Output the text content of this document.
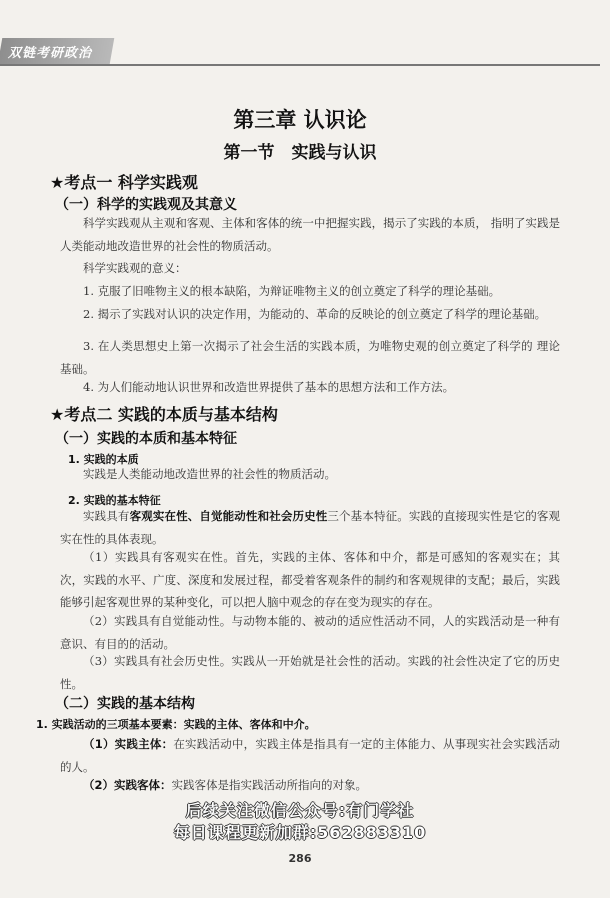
双链考研政治
第三章 认识论
第一节　实践与认识
★考点一 科学实践观
（一）科学的实践观及其意义
科学实践观从主观和客观、主体和客体的统一中把握实践，揭示了实践的本质， 指明了实践是人类能动地改造世界的社会性的物质活动。
科学实践观的意义：
1. 克服了旧唯物主义的根本缺陷，为辩证唯物主义的创立奠定了科学的理论基础。
2. 揭示了实践对认识的决定作用，为能动的、革命的反映论的创立奠定了科学的理论基础。
3. 在人类思想史上第一次揭示了社会生活的实践本质，为唯物史观的创立奠定了科学的 理论基础。
4. 为人们能动地认识世界和改造世界提供了基本的思想方法和工作方法。
★考点二 实践的本质与基本结构
（一）实践的本质和基本特征
1. 实践的本质
实践是人类能动地改造世界的社会性的物质活动。
2. 实践的基本特征
实践具有客观实在性、自觉能动性和社会历史性三个基本特征。实践的直接现实性是它的客观实在性的具体表现。
（1）实践具有客观实在性。首先，实践的主体、客体和中介，都是可感知的客观实在；其次，实践的水平、广度、深度和发展过程，都受着客观条件的制约和客观规律的支配；最后，实践能够引起客观世界的某种变化，可以把人脑中观念的存在变为现实的存在。
（2）实践具有自觉能动性。与动物本能的、被动的适应性活动不同，人的实践活动是一种有意识、有目的的活动。
（3）实践具有社会历史性。实践从一开始就是社会性的活动。实践的社会性决定了它的历史性。
（二）实践的基本结构
1. 实践活动的三项基本要素：实践的主体、客体和中介。
（1）实践主体：在实践活动中，实践主体是指具有一定的主体能力、从事现实社会实践活动的人。
（2）实践客体：实践客体是指实践活动所指向的对象。
后续关注微信公众号:有门学社
每日课程更新加群:562883310
286
